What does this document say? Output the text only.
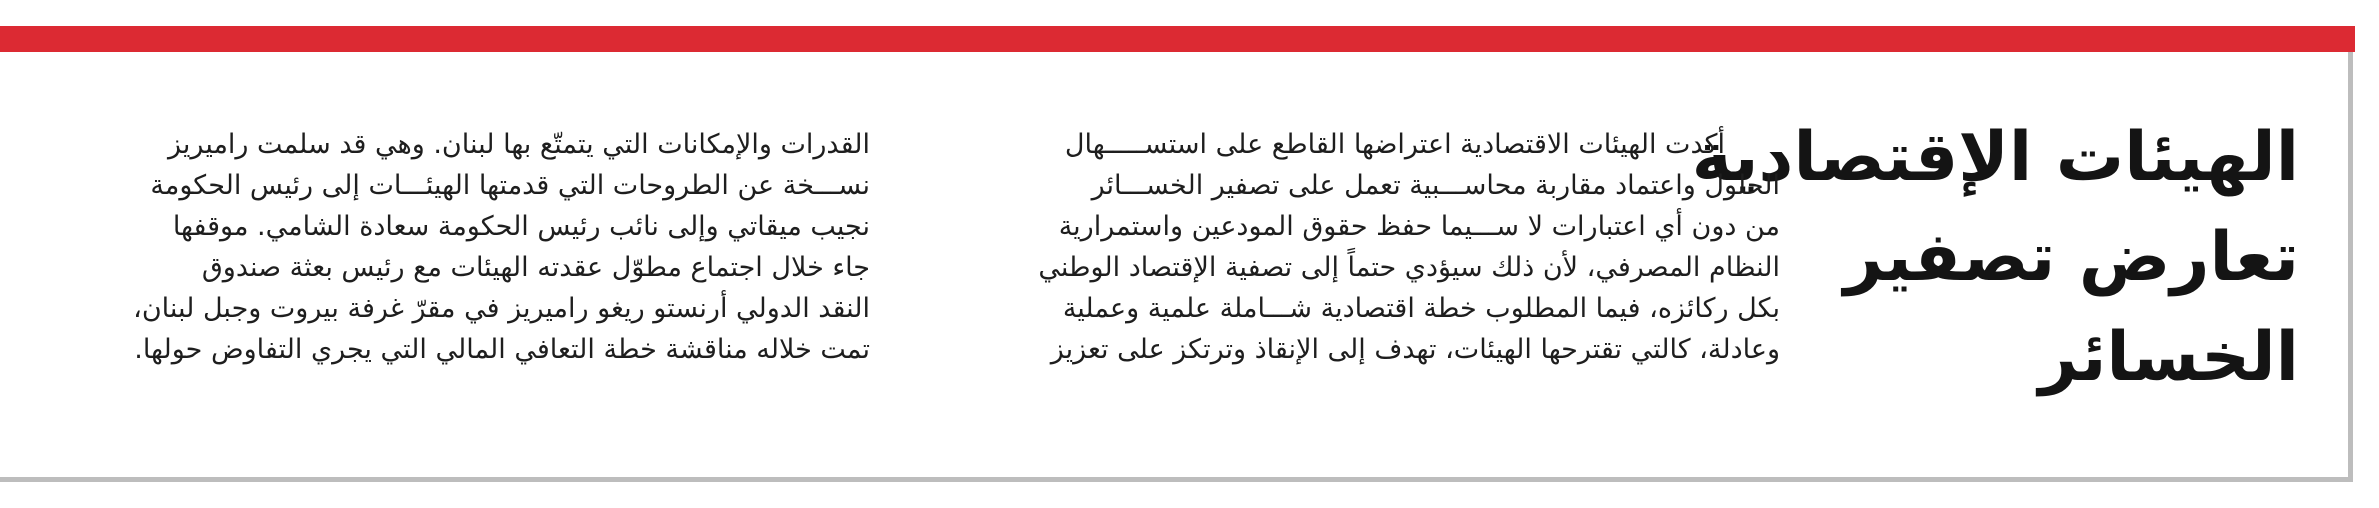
الهيئات الإقتصادية
تعارض تصفير
الخسائر
أكدت الهيئات الاقتصادية اعتراضها القاطع على استســـــهال
الحلول واعتماد مقاربة محاســـبية تعمل على تصفير الخســـائر
من دون أي اعتبارات لا ســـيما حفظ حقوق المودعين واستمرارية
النظام المصرفي، لأن ذلك سيؤدي حتماً إلى تصفية الإقتصاد الوطني
بكل ركائزه، فيما المطلوب خطة اقتصادية شـــاملة علمية وعملية
وعادلة، كالتي تقترحها الهيئات، تهدف إلى الإنقاذ وترتكز على تعزيز
القدرات والإمكانات التي يتمتّع بها لبنان. وهي قد سلمت راميريز
نســـخة عن الطروحات التي قدمتها الهيئـــات إلى رئيس الحكومة
نجيب ميقاتي وإلى نائب رئيس الحكومة سعادة الشامي. موقفها
جاء خلال اجتماع مطوّل عقدته الهيئات مع رئيس بعثة صندوق
النقد الدولي أرنستو ريغو راميريز في مقرّ غرفة بيروت وجبل لبنان،
تمت خلاله مناقشة خطة التعافي المالي التي يجري التفاوض حولها.
